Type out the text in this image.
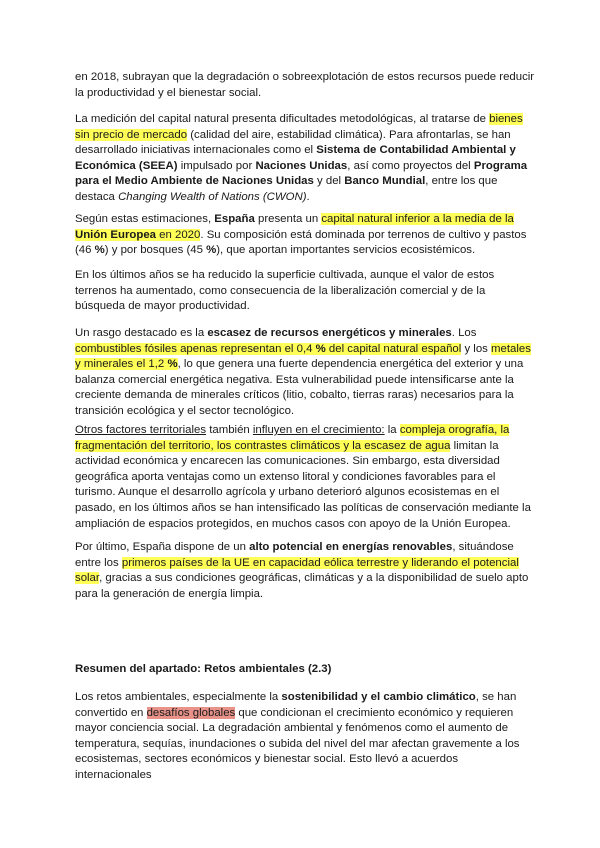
en 2018, subrayan que la degradación o sobreexplotación de estos recursos puede reducir la productividad y el bienestar social.

La medición del capital natural presenta dificultades metodológicas, al tratarse de bienes sin precio de mercado (calidad del aire, estabilidad climática). Para afrontarlas, se han desarrollado iniciativas internacionales como el Sistema de Contabilidad Ambiental y Económica (SEEA) impulsado por Naciones Unidas, así como proyectos del Programa para el Medio Ambiente de Naciones Unidas y del Banco Mundial, entre los que destaca Changing Wealth of Nations (CWON).

Según estas estimaciones, España presenta un capital natural inferior a la media de la Unión Europea en 2020. Su composición está dominada por terrenos de cultivo y pastos (46 %) y por bosques (45 %), que aportan importantes servicios ecosistémicos.

En los últimos años se ha reducido la superficie cultivada, aunque el valor de estos terrenos ha aumentado, como consecuencia de la liberalización comercial y de la búsqueda de mayor productividad.

Un rasgo destacado es la escasez de recursos energéticos y minerales. Los combustibles fósiles apenas representan el 0,4 % del capital natural español y los metales y minerales el 1,2 %, lo que genera una fuerte dependencia energética del exterior y una balanza comercial energética negativa. Esta vulnerabilidad puede intensificarse ante la creciente demanda de minerales críticos (litio, cobalto, tierras raras) necesarios para la transición ecológica y el sector tecnológico.

Otros factores territoriales también influyen en el crecimiento: la compleja orografía, la fragmentación del territorio, los contrastes climáticos y la escasez de agua limitan la actividad económica y encarecen las comunicaciones. Sin embargo, esta diversidad geográfica aporta ventajas como un extenso litoral y condiciones favorables para el turismo. Aunque el desarrollo agrícola y urbano deterioró algunos ecosistemas en el pasado, en los últimos años se han intensificado las políticas de conservación mediante la ampliación de espacios protegidos, en muchos casos con apoyo de la Unión Europea.

Por último, España dispone de un alto potencial en energías renovables, situándose entre los primeros países de la UE en capacidad eólica terrestre y liderando el potencial solar, gracias a sus condiciones geográficas, climáticas y a la disponibilidad de suelo apto para la generación de energía limpia.

Resumen del apartado: Retos ambientales (2.3)

Los retos ambientales, especialmente la sostenibilidad y el cambio climático, se han convertido en desafíos globales que condicionan el crecimiento económico y requieren mayor conciencia social. La degradación ambiental y fenómenos como el aumento de temperatura, sequías, inundaciones o subida del nivel del mar afectan gravemente a los ecosistemas, sectores económicos y bienestar social. Esto llevó a acuerdos internacionales
